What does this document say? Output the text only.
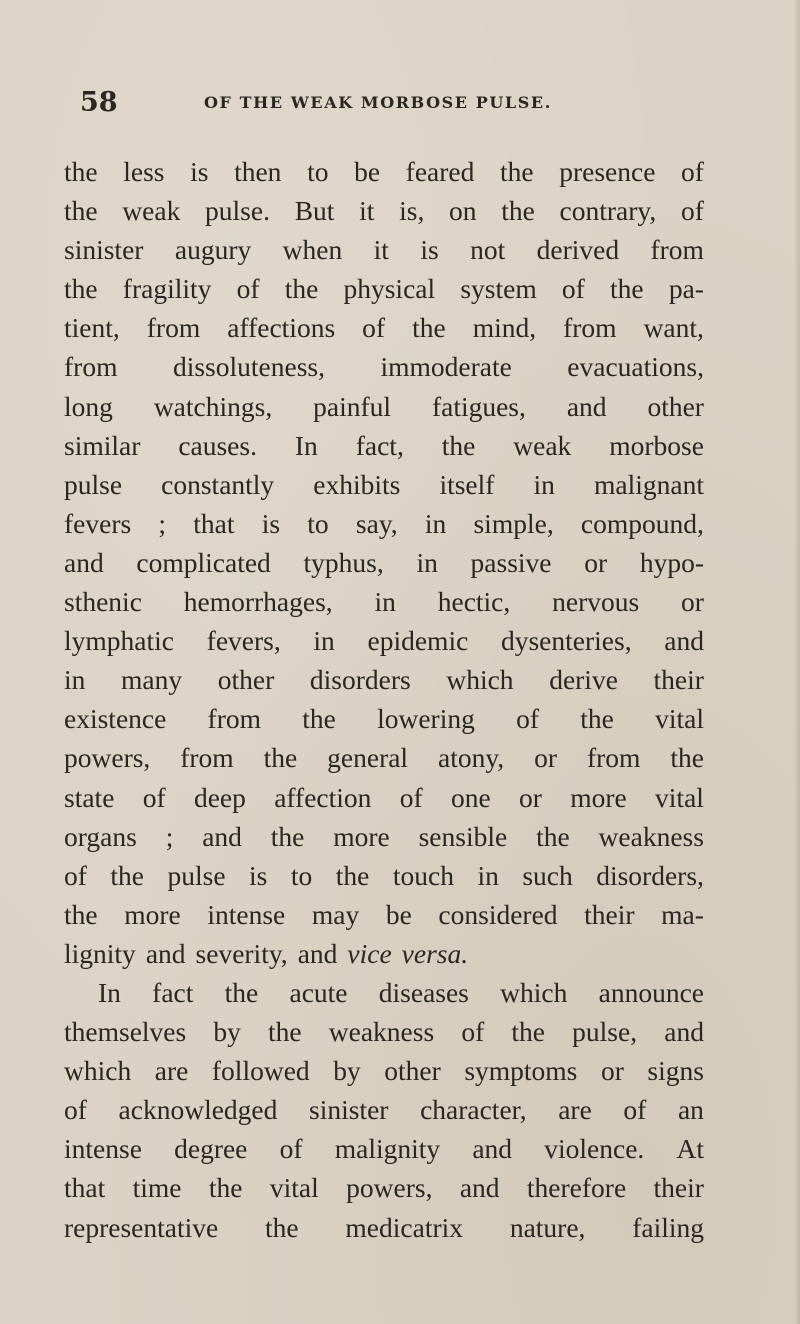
58	OF THE WEAK MORBOSE PULSE.
the less is then to be feared the presence of
the weak pulse. But it is, on the contrary, of
sinister augury when it is not derived from
the fragility of the physical system of the pa-
tient, from affections of the mind, from want,
from dissoluteness, immoderate evacuations,
long watchings, painful fatigues, and other
similar causes. In fact, the weak morbose
pulse constantly exhibits itself in malignant
fevers ; that is to say, in simple, compound,
and complicated typhus, in passive or hypo-
sthenic hemorrhages, in hectic, nervous or
lymphatic fevers, in epidemic dysenteries, and
in many other disorders which derive their
existence from the lowering of the vital
powers, from the general atony, or from the
state of deep affection of one or more vital
organs ; and the more sensible the weakness
of the pulse is to the touch in such disorders,
the more intense may be considered their ma-
lignity and severity, and vice versa.
In fact the acute diseases which announce
themselves by the weakness of the pulse, and
which are followed by other symptoms or signs
of acknowledged sinister character, are of an
intense degree of malignity and violence. At
that time the vital powers, and therefore their
representative the medicatrix nature, failing
